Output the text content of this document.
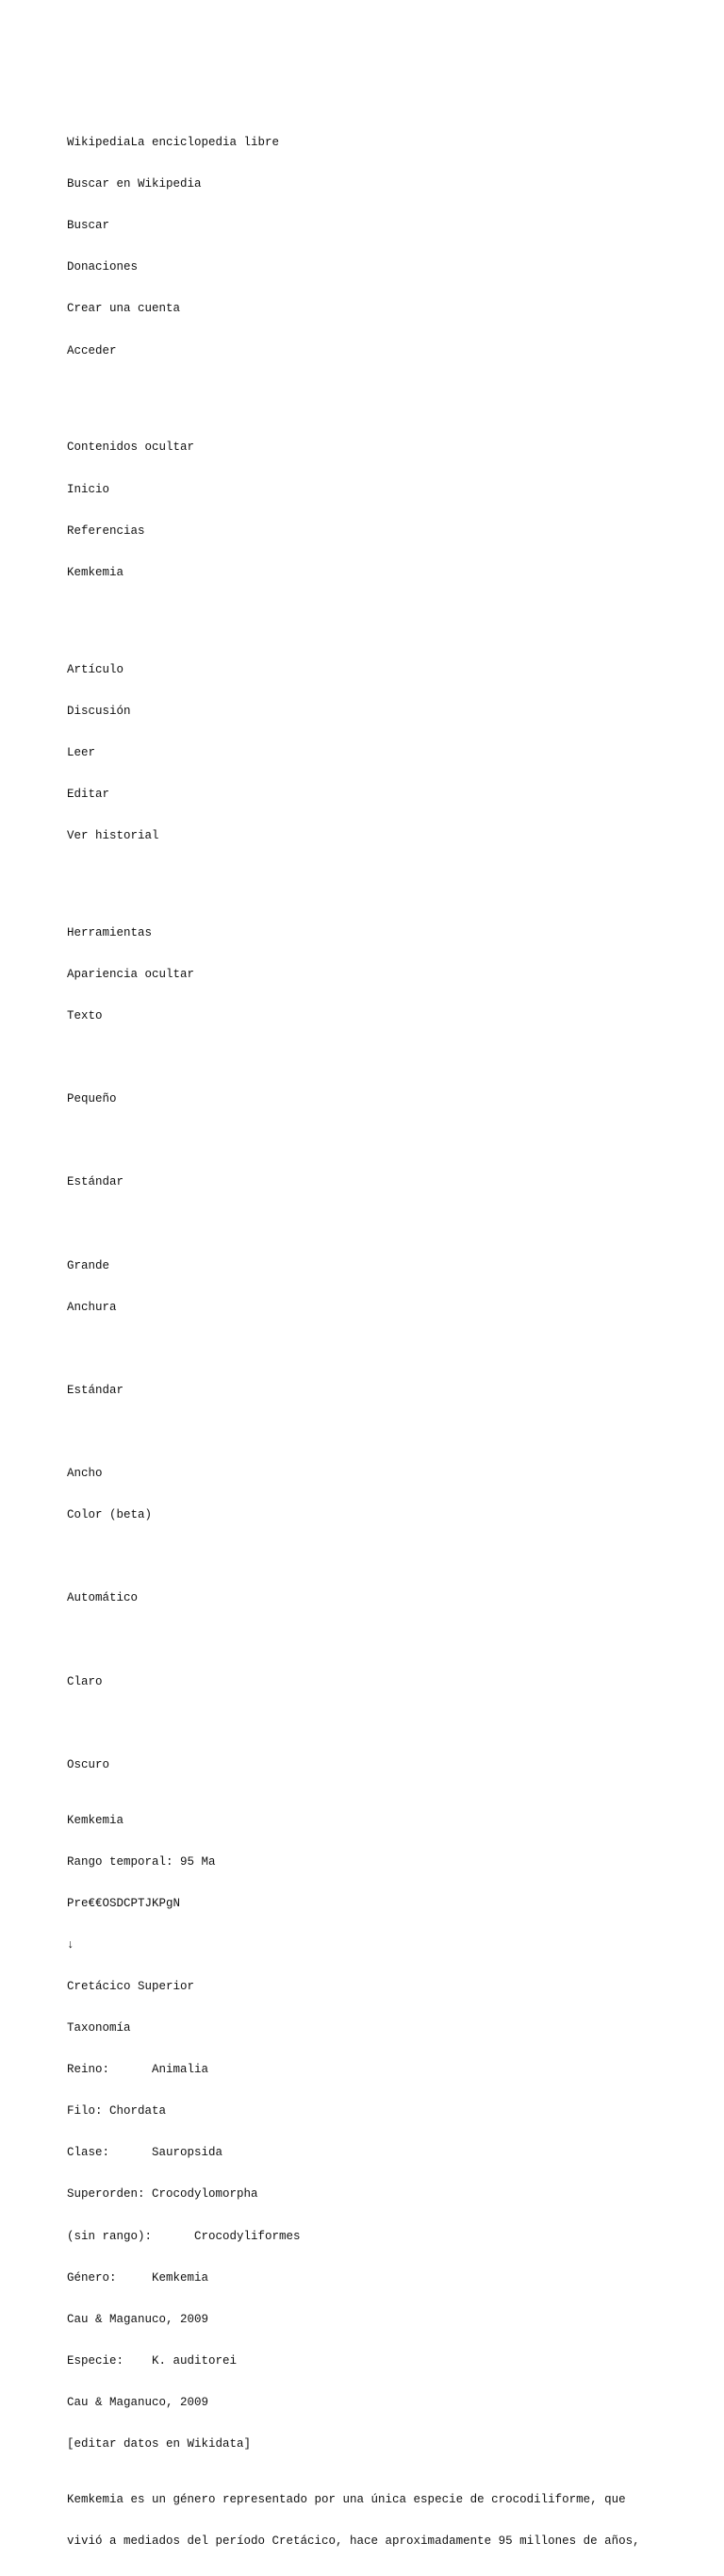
WikipediaLa enciclopedia libre

Buscar en Wikipedia

Buscar

Donaciones

Crear una cuenta

Acceder

Contenidos ocultar

Inicio

Referencias

Kemkemia

Artículo

Discusión

Leer

Editar

Ver historial

Herramientas

Apariencia ocultar

Texto

Pequeño

Estándar

Grande

Anchura

Estándar

Ancho

Color (beta)

Automático

Claro

Oscuro

Kemkemia

Rango temporal: 95 Ma

Pre€€OSDCPTJKPgN

↓

Cretácico Superior

Taxonomía

Reino:	Animalia

Filo: Chordata

Clase:	Sauropsida

Superorden: Crocodylomorpha

(sin rango):	Crocodyliformes

Género:	Kemkemia

Cau & Maganuco, 2009

Especie: K. auditorei

Cau & Maganuco, 2009

[editar datos en Wikidata]

Kemkemia es un género representado por una única especie de crocodiliforme, que

vivió a mediados del período Cretácico, hace aproximadamente 95 millones de años,
